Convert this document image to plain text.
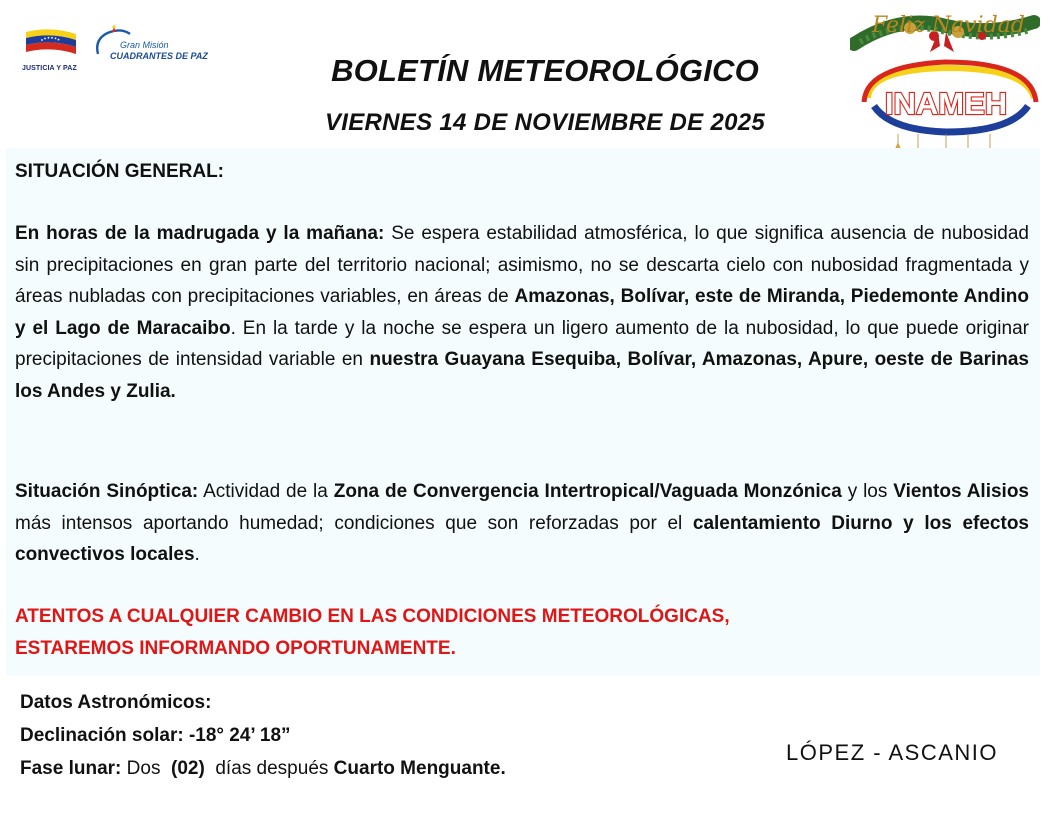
JUSTICIA Y PAZ
Gran Misión
CUADRANTES DE PAZ	BOLETÍN METEOROLÓGICO
VIERNES 14 DE NOVIEMBRE DE 2025
Feliz Navidad
INAMEH
SITUACIÓN GENERAL:
En horas de la madrugada y la mañana: Se espera estabilidad atmosférica, lo que significa ausencia de nubosidad sin precipitaciones en gran parte del territorio nacional; asimismo, no se descarta cielo con nubosidad fragmentada y áreas nubladas con precipitaciones variables, en áreas de Amazonas, Bolívar, este de Miranda, Piedemonte Andino y el Lago de Maracaibo. En la tarde y la noche se espera un ligero aumento de la nubosidad, lo que puede originar precipitaciones de intensidad variable en nuestra Guayana Esequiba, Bolívar, Amazonas, Apure, oeste de Barinas los Andes y Zulia.
Situación Sinóptica: Actividad de la Zona de Convergencia Intertropical/Vaguada Monzónica y los Vientos Alisios más intensos aportando humedad; condiciones que son reforzadas por el calentamiento Diurno y los efectos convectivos locales.
ATENTOS A CUALQUIER CAMBIO EN LAS CONDICIONES METEOROLÓGICAS,
ESTAREMOS INFORMANDO OPORTUNAMENTE.
Datos Astronómicos:
Declinación solar: -18° 24’ 18”
Fase lunar: Dos  (02)  días después Cuarto Menguante.
LÓPEZ - ASCANIO
